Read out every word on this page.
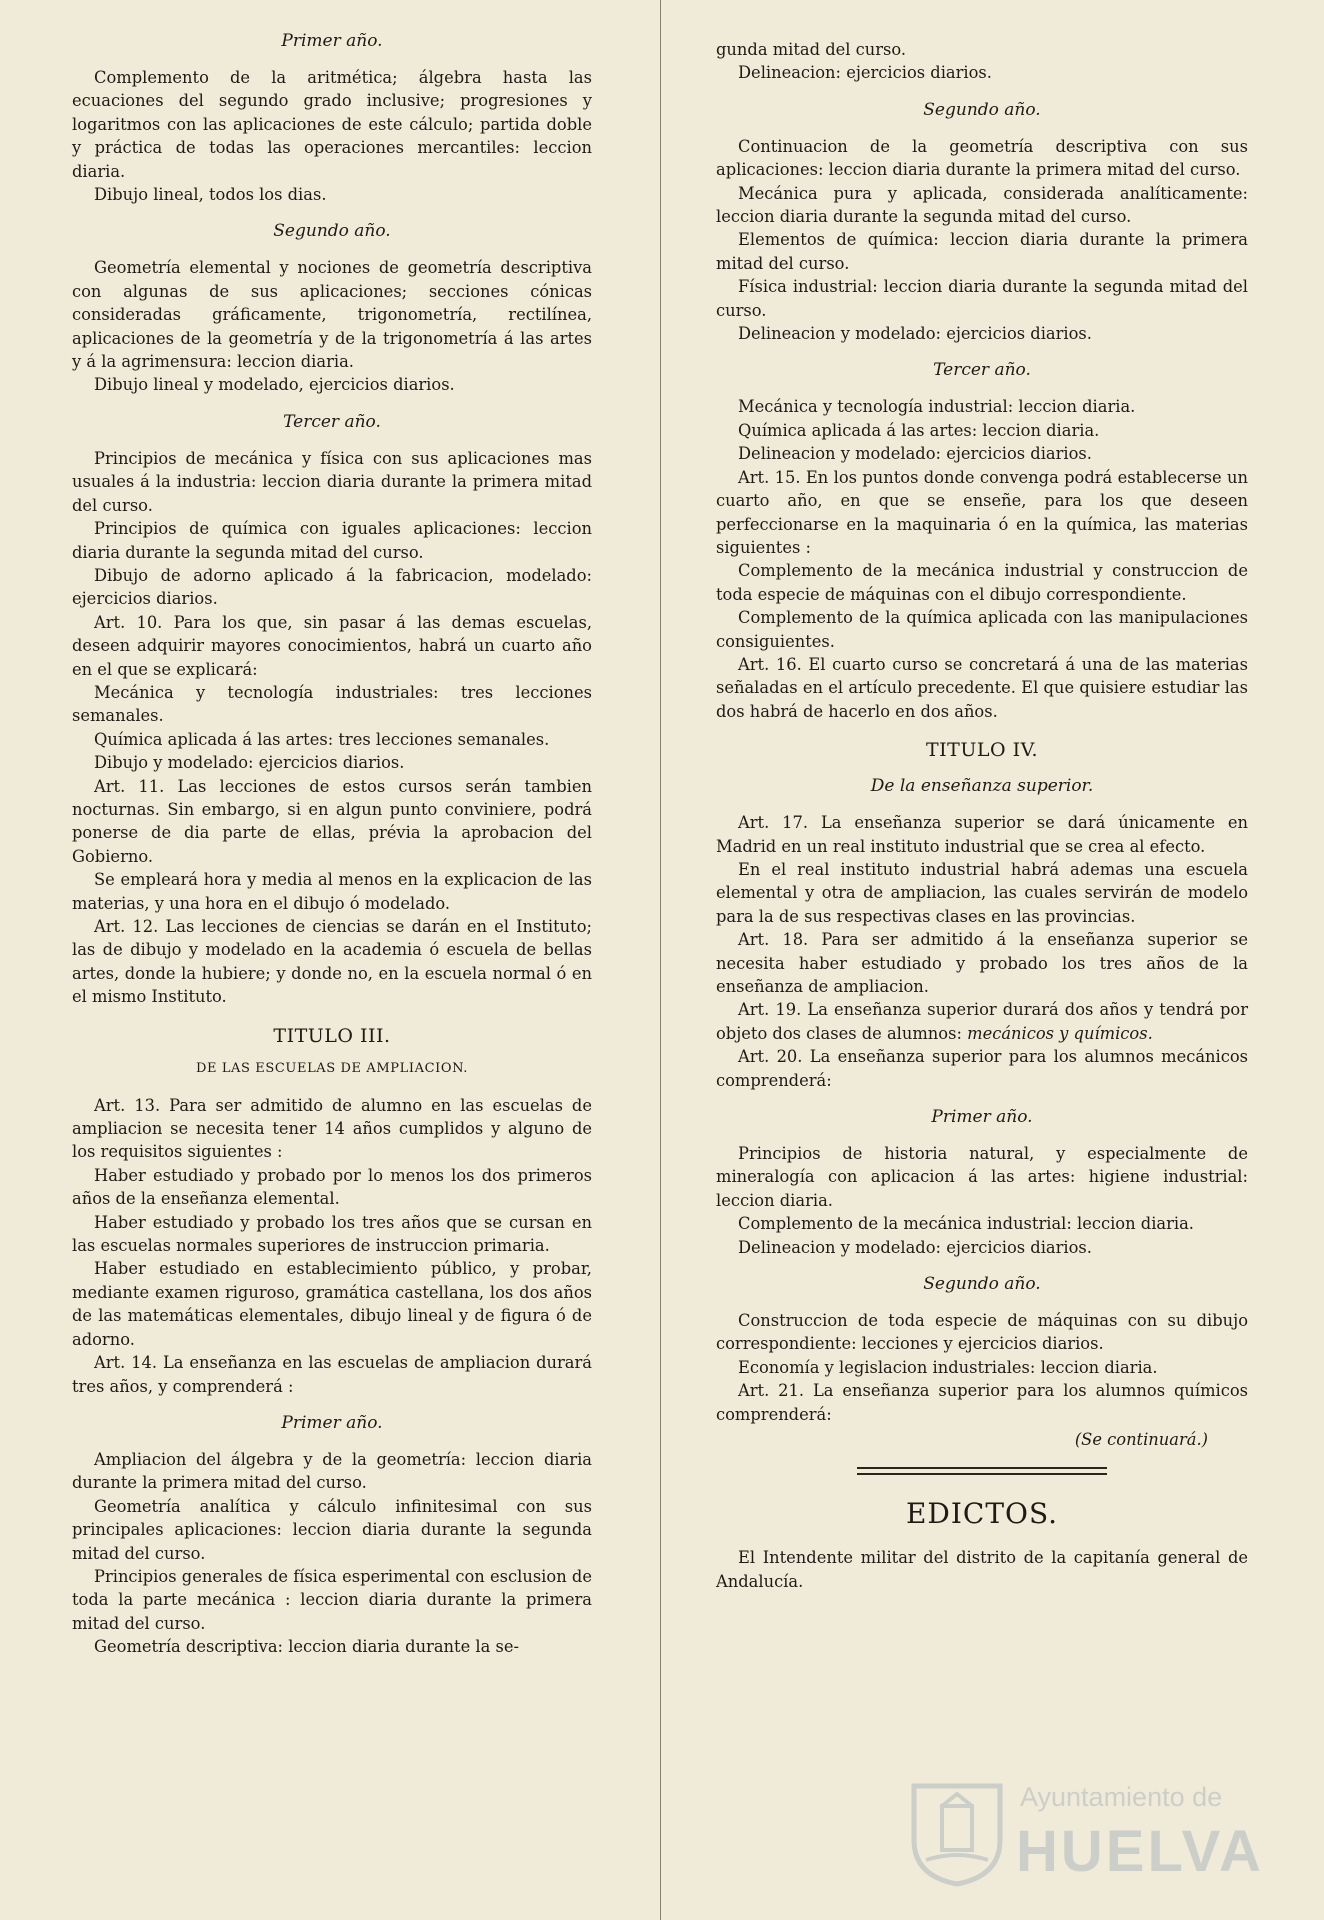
Primer año.

Complemento de la aritmética; álgebra hasta las ecuaciones del segundo grado inclusive; progresiones y logaritmos con las aplicaciones de este cálculo; partida doble y práctica de todas las operaciones mercantiles: leccion diaria.

Dibujo lineal, todos los dias.

Segundo año.

Geometría elemental y nociones de geometría descriptiva con algunas de sus aplicaciones; secciones cónicas consideradas gráficamente, trigonometría, rectilínea, aplicaciones de la geometría y de la trigonometría á las artes y á la agrimensura: leccion diaria.

Dibujo lineal y modelado, ejercicios diarios.

Tercer año.

Principios de mecánica y física con sus aplicaciones mas usuales á la industria: leccion diaria durante la primera mitad del curso.

Principios de química con iguales aplicaciones: leccion diaria durante la segunda mitad del curso.

Dibujo de adorno aplicado á la fabricacion, modelado: ejercicios diarios.

Art. 10. Para los que, sin pasar á las demas escuelas, deseen adquirir mayores conocimientos, habrá un cuarto año en el que se explicará:

Mecánica y tecnología industriales: tres lecciones semanales.

Química aplicada á las artes: tres lecciones semanales.

Dibujo y modelado: ejercicios diarios.

Art. 11. Las lecciones de estos cursos serán tambien nocturnas. Sin embargo, si en algun punto conviniere, podrá ponerse de dia parte de ellas, prévia la aprobacion del Gobierno.

Se empleará hora y media al menos en la explicacion de las materias, y una hora en el dibujo ó modelado.

Art. 12. Las lecciones de ciencias se darán en el Instituto; las de dibujo y modelado en la academia ó escuela de bellas artes, donde la hubiere; y donde no, en la escuela normal ó en el mismo Instituto.

TITULO III.
DE LAS ESCUELAS DE AMPLIACION.

Art. 13. Para ser admitido de alumno en las escuelas de ampliacion se necesita tener 14 años cumplidos y alguno de los requisitos siguientes :

Haber estudiado y probado por lo menos los dos primeros años de la enseñanza elemental.

Haber estudiado y probado los tres años que se cursan en las escuelas normales superiores de instruccion primaria.

Haber estudiado en establecimiento público, y probar, mediante examen riguroso, gramática castellana, los dos años de las matemáticas elementales, dibujo lineal y de figura ó de adorno.

Art. 14. La enseñanza en las escuelas de ampliacion durará tres años, y comprenderá :

Primer año.

Ampliacion del álgebra y de la geometría: leccion diaria durante la primera mitad del curso.

Geometría analítica y cálculo infinitesimal con sus principales aplicaciones: leccion diaria durante la segunda mitad del curso.

Principios generales de física esperimental con esclusion de toda la parte mecánica : leccion diaria durante la primera mitad del curso.

Geometría descriptiva: leccion diaria durante la se-

gunda mitad del curso.

Delineacion: ejercicios diarios.

Segundo año.

Continuacion de la geometría descriptiva con sus aplicaciones: leccion diaria durante la primera mitad del curso.

Mecánica pura y aplicada, considerada analíticamente: leccion diaria durante la segunda mitad del curso.

Elementos de química: leccion diaria durante la primera mitad del curso.

Física industrial: leccion diaria durante la segunda mitad del curso.

Delineacion y modelado: ejercicios diarios.

Tercer año.

Mecánica y tecnología industrial: leccion diaria.

Química aplicada á las artes: leccion diaria.

Delineacion y modelado: ejercicios diarios.

Art. 15. En los puntos donde convenga podrá establecerse un cuarto año, en que se enseñe, para los que deseen perfeccionarse en la maquinaria ó en la química, las materias siguientes :

Complemento de la mecánica industrial y construccion de toda especie de máquinas con el dibujo correspondiente.

Complemento de la química aplicada con las manipulaciones consiguientes.

Art. 16. El cuarto curso se concretará á una de las materias señaladas en el artículo precedente. El que quisiere estudiar las dos habrá de hacerlo en dos años.

TITULO IV.
De la enseñanza superior.

Art. 17. La enseñanza superior se dará únicamente en Madrid en un real instituto industrial que se crea al efecto.

En el real instituto industrial habrá ademas una escuela elemental y otra de ampliacion, las cuales servirán de modelo para la de sus respectivas clases en las provincias.

Art. 18. Para ser admitido á la enseñanza superior se necesita haber estudiado y probado los tres años de la enseñanza de ampliacion.

Art. 19. La enseñanza superior durará dos años y tendrá por objeto dos clases de alumnos: mecánicos y químicos.

Art. 20. La enseñanza superior para los alumnos mecánicos comprenderá:

Primer año.

Principios de historia natural, y especialmente de mineralogía con aplicacion á las artes: higiene industrial: leccion diaria.

Complemento de la mecánica industrial: leccion diaria.

Delineacion y modelado: ejercicios diarios.

Segundo año.

Construccion de toda especie de máquinas con su dibujo correspondiente: lecciones y ejercicios diarios.

Economía y legislacion industriales: leccion diaria.

Art. 21. La enseñanza superior para los alumnos químicos comprenderá:

(Se continuará.)
EDICTOS.

El Intendente militar del distrito de la capitanía general de Andalucía.

Ayuntamiento de
HUELVA
